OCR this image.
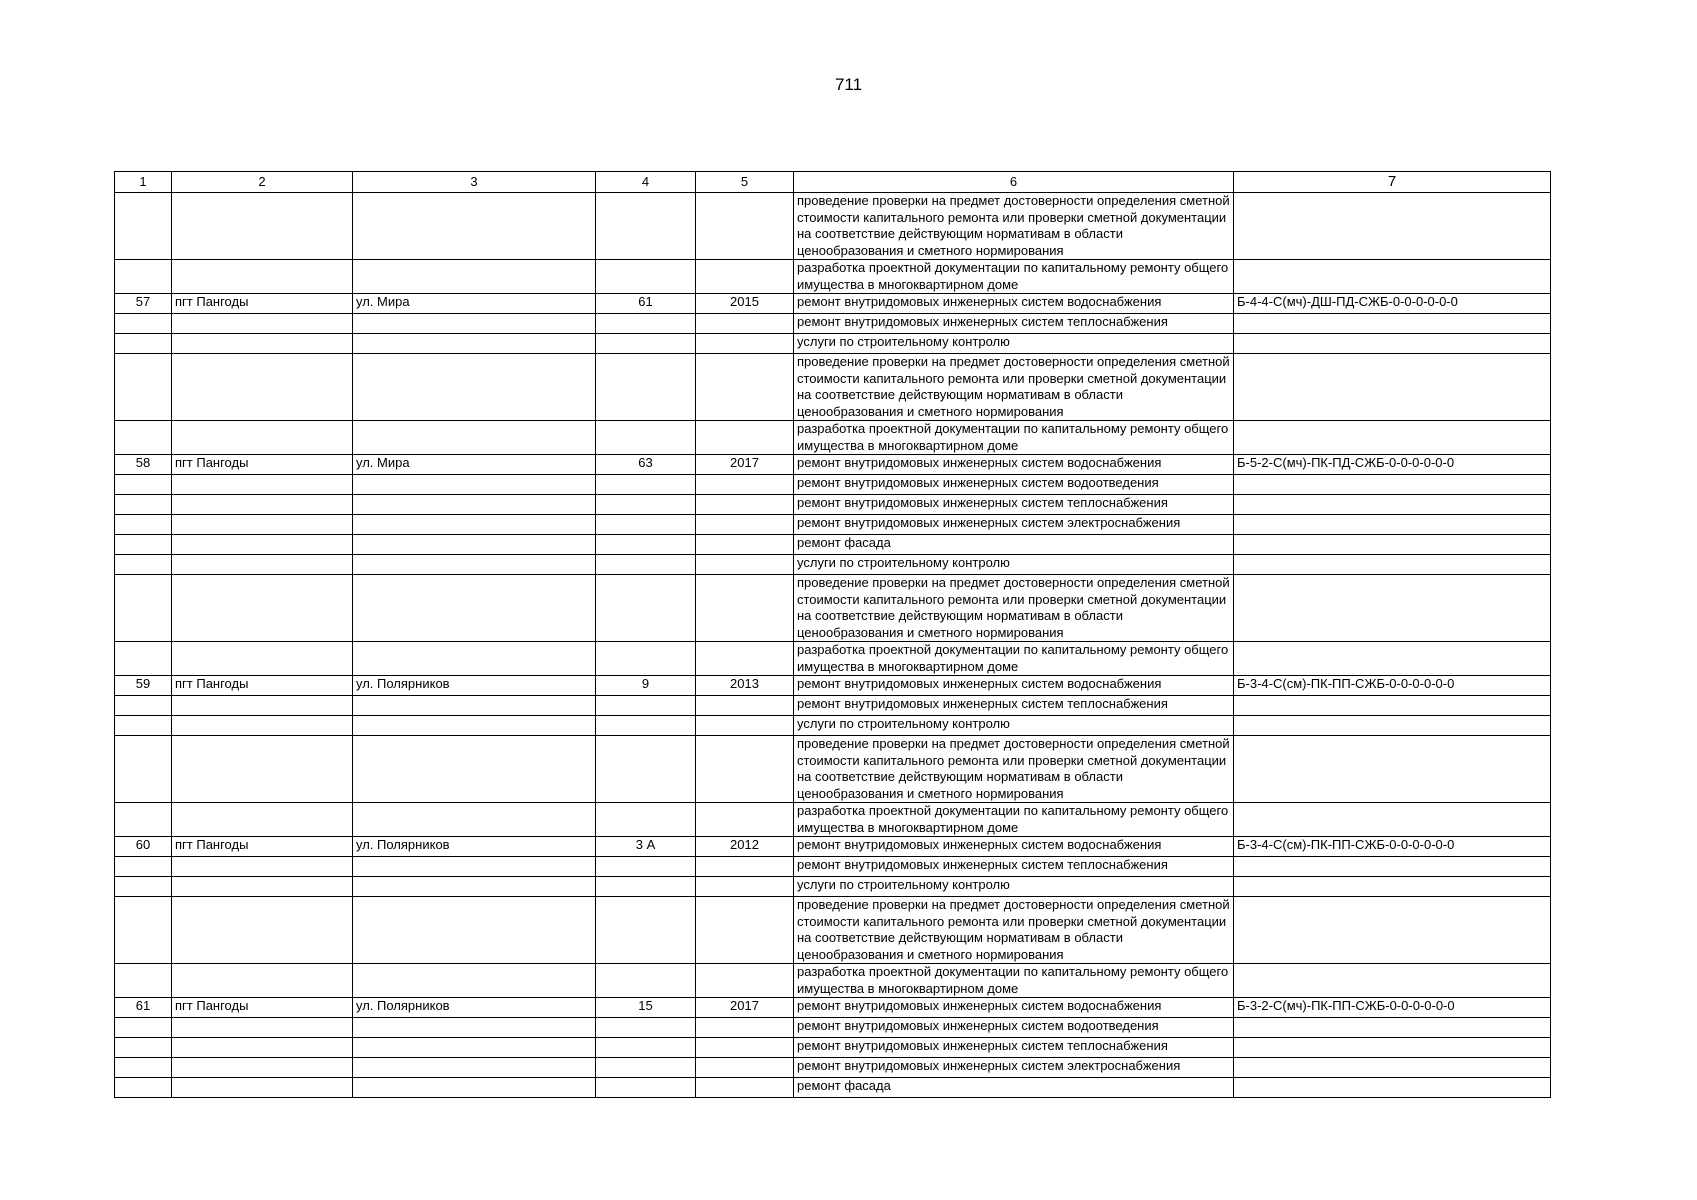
711
1	2	3	4	5	6	7
					проведение проверки на предмет достоверности определения сметной стоимости капитального ремонта или проверки сметной документации на соответствие действующим нормативам в области ценообразования и сметного нормирования	
					разработка проектной документации по капитальному ремонту общего имущества в многоквартирном доме	
57	пгт Пангоды	ул. Мира	61	2015	ремонт внутридомовых инженерных систем водоснабжения	Б-4-4-С(мч)-ДШ-ПД-СЖБ-0-0-0-0-0-0
					ремонт внутридомовых инженерных систем теплоснабжения	
					услуги по строительному контролю	
					проведение проверки на предмет достоверности определения сметной стоимости капитального ремонта или проверки сметной документации на соответствие действующим нормативам в области ценообразования и сметного нормирования	
					разработка проектной документации по капитальному ремонту общего имущества в многоквартирном доме	
58	пгт Пангоды	ул. Мира	63	2017	ремонт внутридомовых инженерных систем водоснабжения	Б-5-2-С(мч)-ПК-ПД-СЖБ-0-0-0-0-0-0
					ремонт внутридомовых инженерных систем водоотведения	
					ремонт внутридомовых инженерных систем теплоснабжения	
					ремонт внутридомовых инженерных систем электроснабжения	
					ремонт фасада	
					услуги по строительному контролю	
					проведение проверки на предмет достоверности определения сметной стоимости капитального ремонта или проверки сметной документации на соответствие действующим нормативам в области ценообразования и сметного нормирования	
					разработка проектной документации по капитальному ремонту общего имущества в многоквартирном доме	
59	пгт Пангоды	ул. Полярников	9	2013	ремонт внутридомовых инженерных систем водоснабжения	Б-3-4-С(см)-ПК-ПП-СЖБ-0-0-0-0-0-0
					ремонт внутридомовых инженерных систем теплоснабжения	
					услуги по строительному контролю	
					проведение проверки на предмет достоверности определения сметной стоимости капитального ремонта или проверки сметной документации на соответствие действующим нормативам в области ценообразования и сметного нормирования	
					разработка проектной документации по капитальному ремонту общего имущества в многоквартирном доме	
60	пгт Пангоды	ул. Полярников	3 А	2012	ремонт внутридомовых инженерных систем водоснабжения	Б-3-4-С(см)-ПК-ПП-СЖБ-0-0-0-0-0-0
					ремонт внутридомовых инженерных систем теплоснабжения	
					услуги по строительному контролю	
					проведение проверки на предмет достоверности определения сметной стоимости капитального ремонта или проверки сметной документации на соответствие действующим нормативам в области ценообразования и сметного нормирования	
					разработка проектной документации по капитальному ремонту общего имущества в многоквартирном доме	
61	пгт Пангоды	ул. Полярников	15	2017	ремонт внутридомовых инженерных систем водоснабжения	Б-3-2-С(мч)-ПК-ПП-СЖБ-0-0-0-0-0-0
					ремонт внутридомовых инженерных систем водоотведения	
					ремонт внутридомовых инженерных систем теплоснабжения	
					ремонт внутридомовых инженерных систем электроснабжения	
					ремонт фасада	
